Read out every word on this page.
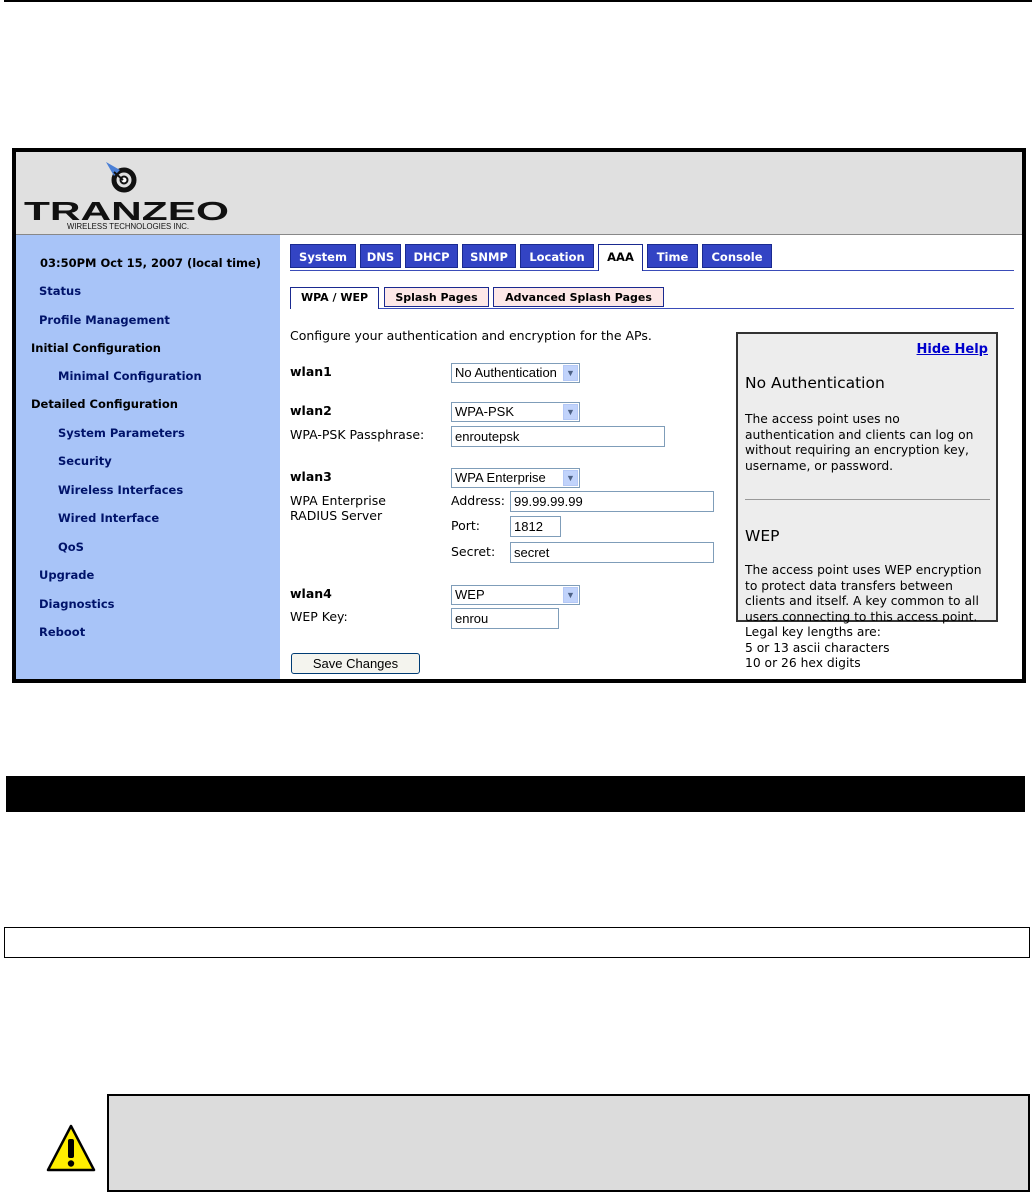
TRANZEO
WIRELESS TECHNOLOGIES INC.
03:50PM Oct 15, 2007 (local time)
Status
Profile Management
Initial Configuration
Minimal Configuration
Detailed Configuration
System Parameters
Security
Wireless Interfaces
Wired Interface
QoS
Upgrade
Diagnostics
Reboot
System	DNS	DHCP	SNMP	Location	AAA	Time	Console
WPA / WEP	Splash Pages	Advanced Splash Pages
Configure your authentication and encryption for the APs.
wlan1	No Authentication	▼
wlan2	WPA-PSK	▼
WPA-PSK Passphrase:	enroutepsk
wlan3	WPA Enterprise	▼
WPA Enterprise
RADIUS Server
Address: 99.99.99.99
Port:	1812
Secret:	secret
wlan4	WEP	▼
WEP Key:	enrou
Save Changes
Hide Help
No Authentication

The access point uses no authentication and clients can log on without requiring an encryption key, username, or password.

WEP

The access point uses WEP encryption to protect data transfers between clients and itself. A key common to all users connecting to this access point. Legal key lengths are:
5 or 13 ascii characters
10 or 26 hex digits
